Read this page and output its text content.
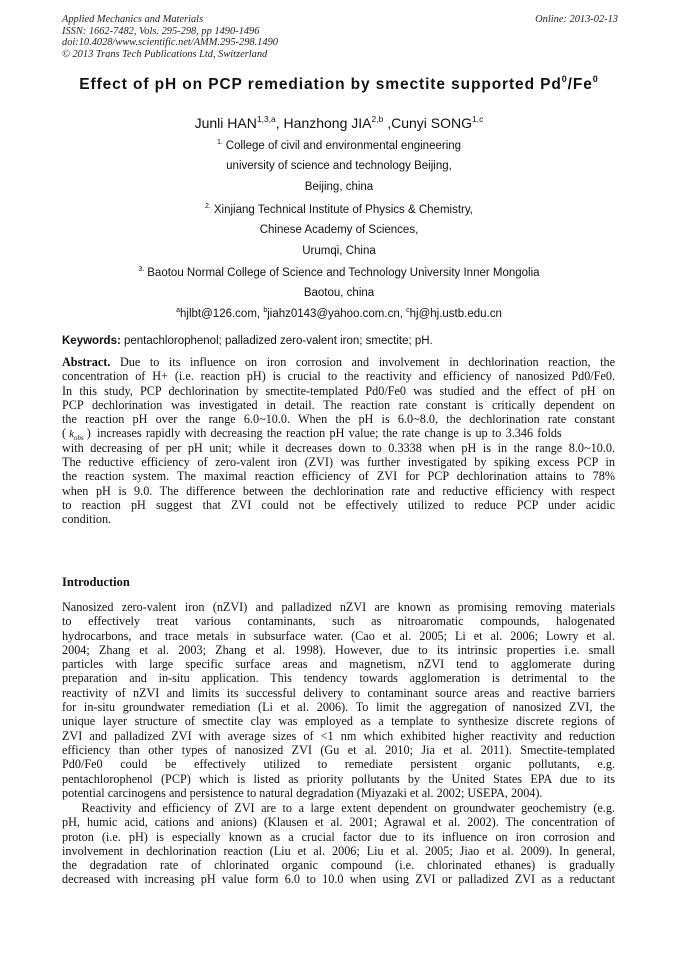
Applied Mechanics and Materials
ISSN: 1662-7482, Vols. 295-298, pp 1490-1496
doi:10.4028/www.scientific.net/AMM.295-298.1490
© 2013 Trans Tech Publications Ltd, Switzerland
Online: 2013-02-13
Effect of pH on PCP remediation by smectite supported Pd$^0$/Fe$^0$
Junli HAN$^{1,3,a}$, Hanzhong JIA$^{2,b}$ ,Cunyi SONG$^{1,c}$
$^{1.}$ College of civil and environmental engineering
university of science and technology Beijing,
Beijing, china
$^{2.}$ Xinjiang Technical Institute of Physics & Chemistry,
Chinese Academy of Sciences,
Urumqi, China
$^{3.}$ Baotou Normal College of Science and Technology University Inner Mongolia
Baotou, china
$^a$hjlbt@126.com, $^b$jiahz0143@yahoo.com.cn, $^c$hj@hj.ustb.edu.cn
Keywords: pentachlorophenol; palladized zero-valent iron; smectite; pH.
Abstract. Due to its influence on iron corrosion and involvement in dechlorination reaction, the
concentration of H+ (i.e. reaction pH) is crucial to the reactivity and efficiency of nanosized Pd0/Fe0.
In this study, PCP dechlorination by smectite-templated Pd0/Fe0 was studied and the effect of pH on
PCP dechlorination was investigated in detail. The reaction rate constant is critically dependent on
the reaction pH over the range 6.0~10.0. When the pH is 6.0~8.0, the dechlorination rate constant
( $k_{obs}$ ) increases rapidly with decreasing the reaction pH value; the rate change is up to 3.346 folds
with decreasing of per pH unit; while it decreases down to 0.3338 when pH is in the range 8.0~10.0.
The reductive efficiency of zero-valent iron (ZVI) was further investigated by spiking excess PCP in
the reaction system. The maximal reaction efficiency of ZVI for PCP dechlorination attains to 78%
when pH is 9.0. The difference between the dechlorination rate and reductive efficiency with respect
to reaction pH suggest that ZVI could not be effectively utilized to reduce PCP under acidic
condition.
Introduction
Nanosized zero-valent iron (nZVI) and palladized nZVI are known as promising removing materials
to effectively treat various contaminants, such as nitroaromatic compounds, halogenated
hydrocarbons, and trace metals in subsurface water. (Cao et al. 2005; Li et al. 2006; Lowry et al.
2004; Zhang et al. 2003; Zhang et al. 1998). However, due to its intrinsic properties i.e. small
particles with large specific surface areas and magnetism, nZVI tend to agglomerate during
preparation and in-situ application. This tendency towards agglomeration is detrimental to the
reactivity of nZVI and limits its successful delivery to contaminant source areas and reactive barriers
for in-situ groundwater remediation (Li et al. 2006). To limit the aggregation of nanosized ZVI, the
unique layer structure of smectite clay was employed as a template to synthesize discrete regions of
ZVI and palladized ZVI with average sizes of <1 nm which exhibited higher reactivity and reduction
efficiency than other types of nanosized ZVI (Gu et al. 2010; Jia et al. 2011). Smectite-templated
Pd0/Fe0 could be effectively utilized to remediate persistent organic pollutants, e.g.
pentachlorophenol (PCP) which is listed as priority pollutants by the United States EPA due to its
potential carcinogens and persistence to natural degradation (Miyazaki et al. 2002; USEPA, 2004).
Reactivity and efficiency of ZVI are to a large extent dependent on groundwater geochemistry (e.g.
pH, humic acid, cations and anions) (Klausen et al. 2001; Agrawal et al. 2002). The concentration of
proton (i.e. pH) is especially known as a crucial factor due to its influence on iron corrosion and
involvement in dechlorination reaction (Liu et al. 2006; Liu et al. 2005; Jiao et al. 2009). In general,
the degradation rate of chlorinated organic compound (i.e. chlorinated ethanes) is gradually
decreased with increasing pH value form 6.0 to 10.0 when using ZVI or palladized ZVI as a reductant
